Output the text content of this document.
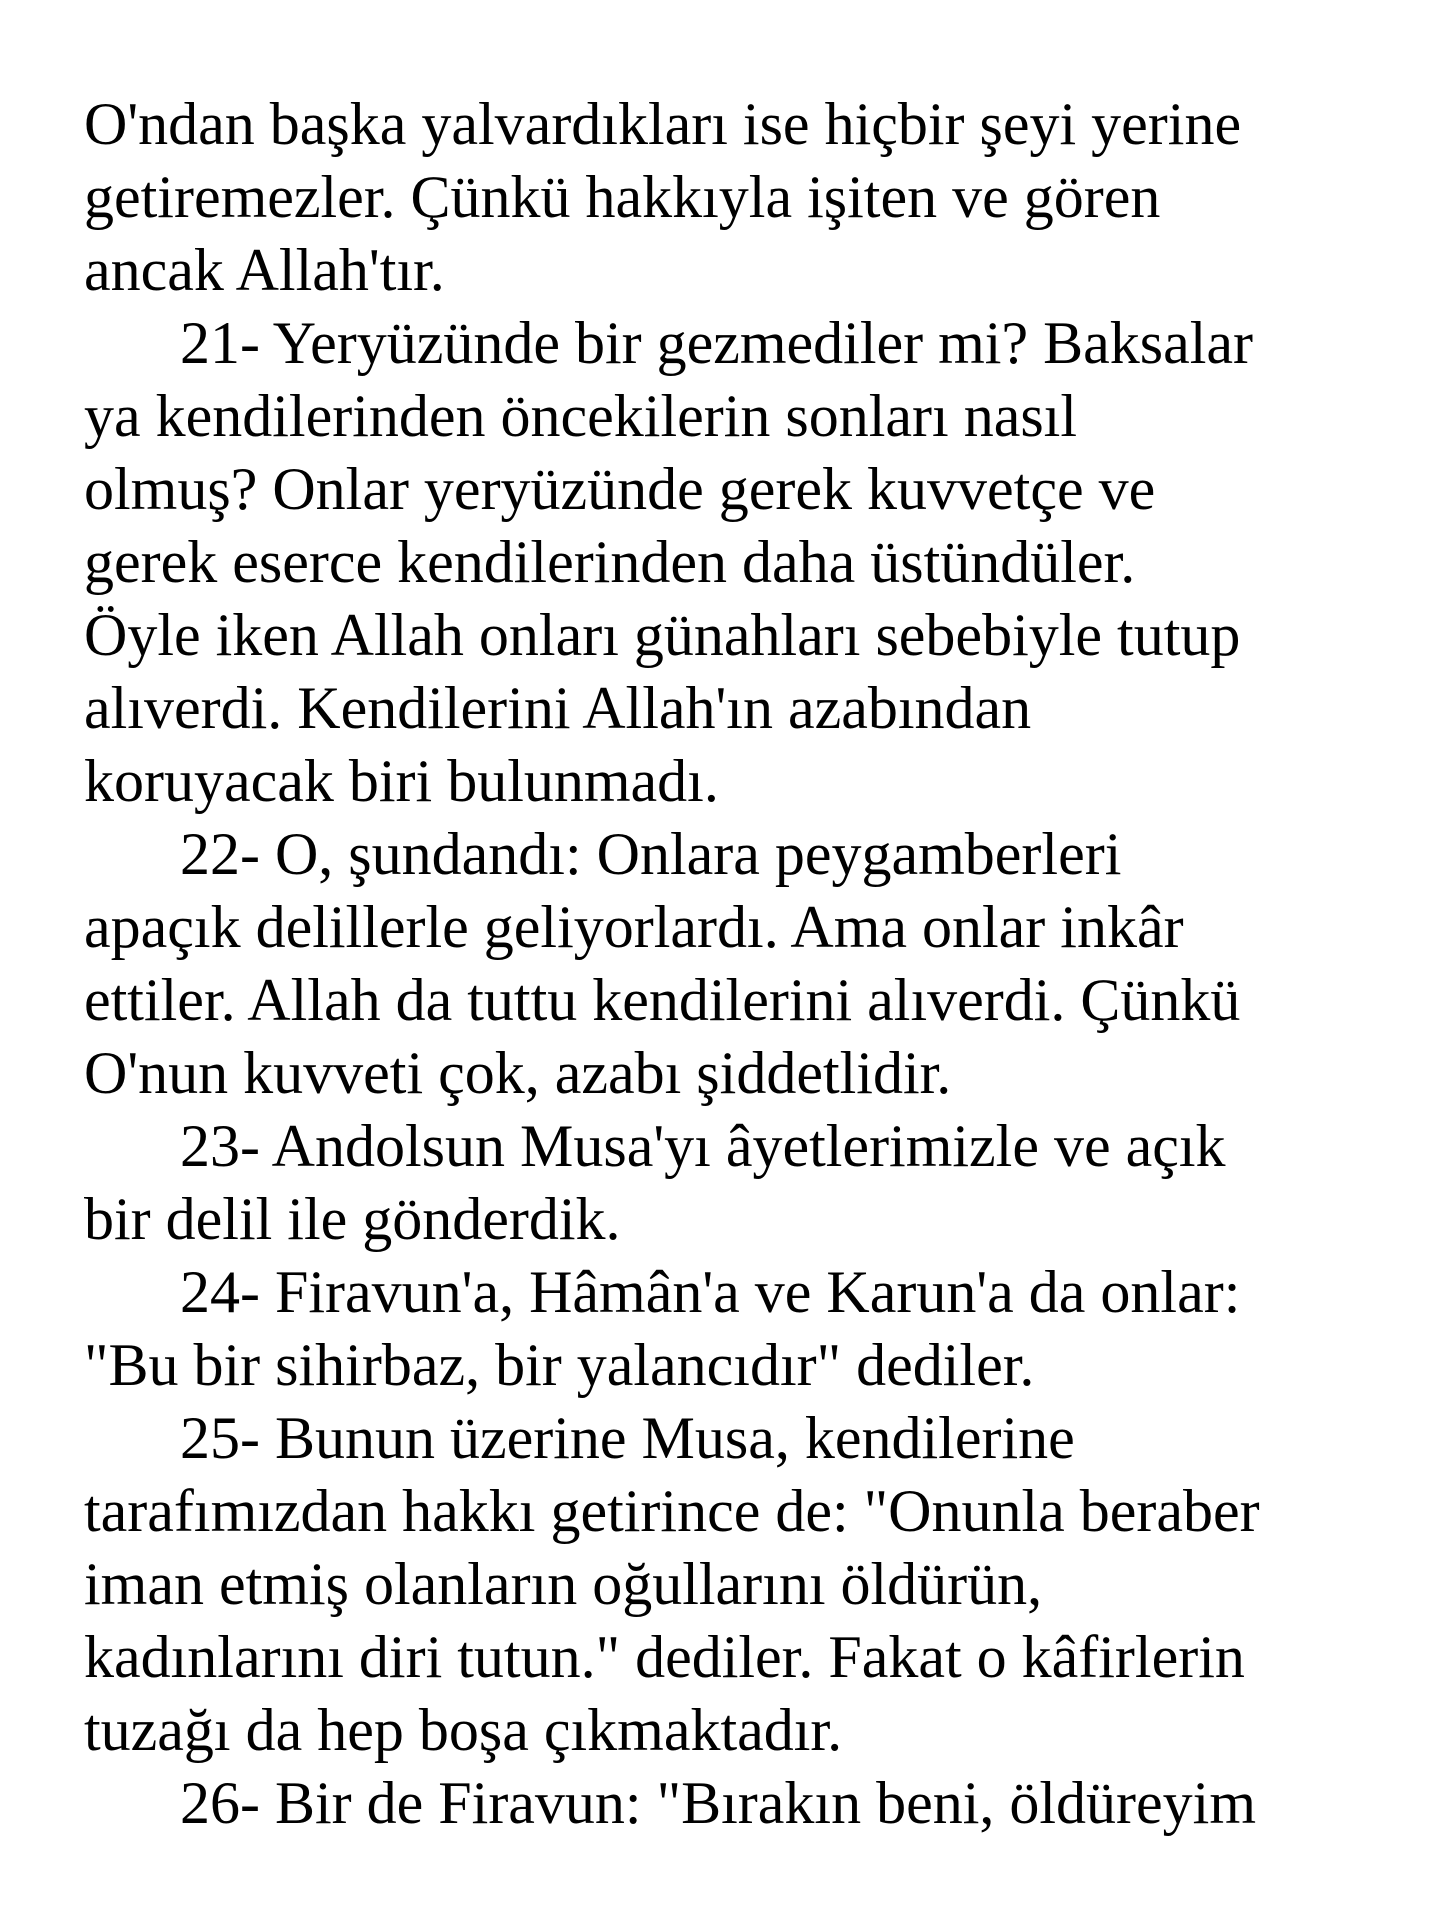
O'ndan başka yalvardıkları ise hiçbir şeyi yerine
getiremezler. Çünkü hakkıyla işiten ve gören
ancak Allah'tır.
21- Yeryüzünde bir gezmediler mi? Baksalar
ya kendilerinden öncekilerin sonları nasıl
olmuş? Onlar yeryüzünde gerek kuvvetçe ve
gerek eserce kendilerinden daha üstündüler.
Öyle iken Allah onları günahları sebebiyle tutup
alıverdi. Kendilerini Allah'ın azabından
koruyacak biri bulunmadı.
22- O, şundandı: Onlara peygamberleri
apaçık delillerle geliyorlardı. Ama onlar inkâr
ettiler. Allah da tuttu kendilerini alıverdi. Çünkü
O'nun kuvveti çok, azabı şiddetlidir.
23- Andolsun Musa'yı âyetlerimizle ve açık
bir delil ile gönderdik.
24- Firavun'a, Hâmân'a ve Karun'a da onlar:
"Bu bir sihirbaz, bir yalancıdır" dediler.
25- Bunun üzerine Musa, kendilerine
tarafımızdan hakkı getirince de: "Onunla beraber
iman etmiş olanların oğullarını öldürün,
kadınlarını diri tutun." dediler. Fakat o kâfirlerin
tuzağı da hep boşa çıkmaktadır.
26- Bir de Firavun: "Bırakın beni, öldüreyim
